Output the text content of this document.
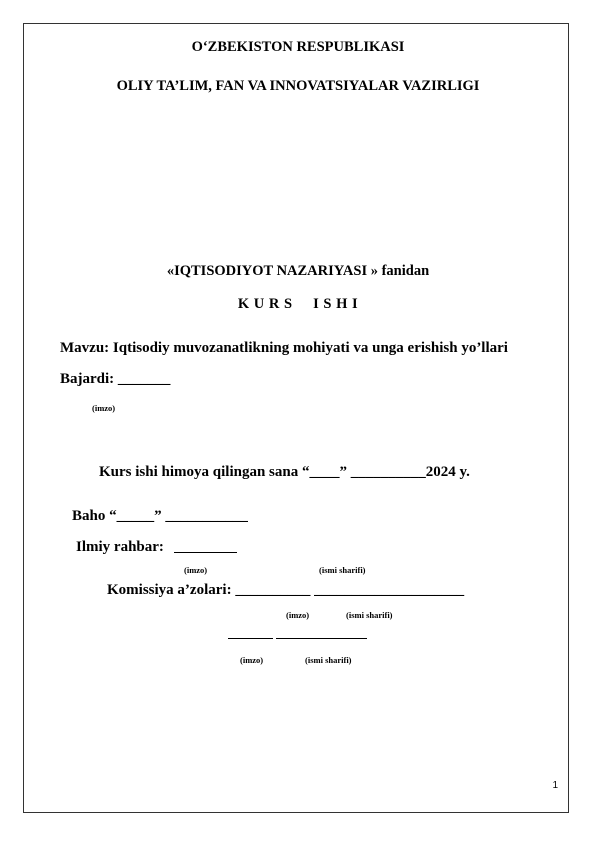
O‘ZBEKISTON RESPUBLIKASI
OLIY TA’LIM, FAN VA INNOVATSIYALAR VAZIRLIGI
«IQTISODIYOT NAZARIYASI » fanidan
K U R S     I S H I
Mavzu: Iqtisodiy muvozanatlikning mohiyati va unga erishish yo’llari
Bajardi: _______
(imzo)
Kurs ishi himoya qilingan sana “____” __________2024 y.
Baho “_____” ___________
Ilmiy rahbar:
(imzo)	(ismi sharifi)
Komissiya a’zolari: __________ ____________________
(imzo)	(ismi sharifi)
(imzo)	(ismi sharifi)
1
